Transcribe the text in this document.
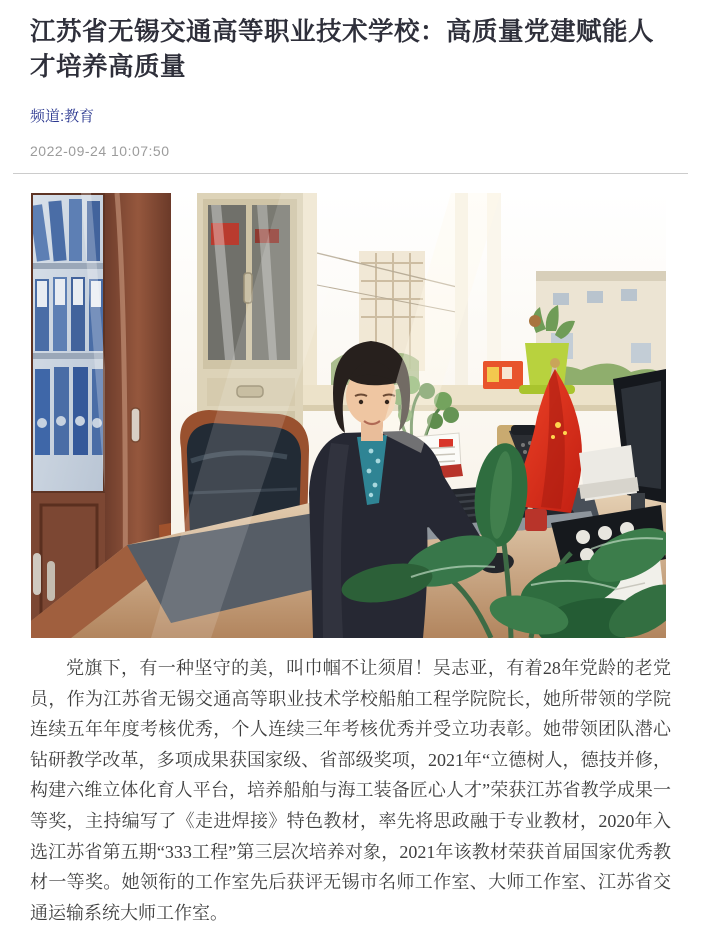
江苏省无锡交通高等职业技术学校：高质量党建赋能人才培养高质量
频道:教育
2022-09-24 10:07:50

党旗下，有一种坚守的美，叫巾帼不让须眉！吴志亚，有着28年党龄的老党员，作为江苏省无锡交通高等职业技术学校船舶工程学院院长，她所带领的学院连续五年年度考核优秀，个人连续三年考核优秀并受立功表彰。她带领团队潜心钻研教学改革，多项成果获国家级、省部级奖项，2021年“立德树人，德技并修，构建六维立体化育人平台，培养船舶与海工装备匠心人才”荣获江苏省教学成果一等奖，主持编写了《走进焊接》特色教材，率先将思政融于专业教材，2020年入选江苏省第五期“333工程”第三层次培养对象，2021年该教材荣获首届国家优秀教材一等奖。她领衔的工作室先后获评无锡市名师工作室、大师工作室、江苏省交通运输系统大师工作室。
